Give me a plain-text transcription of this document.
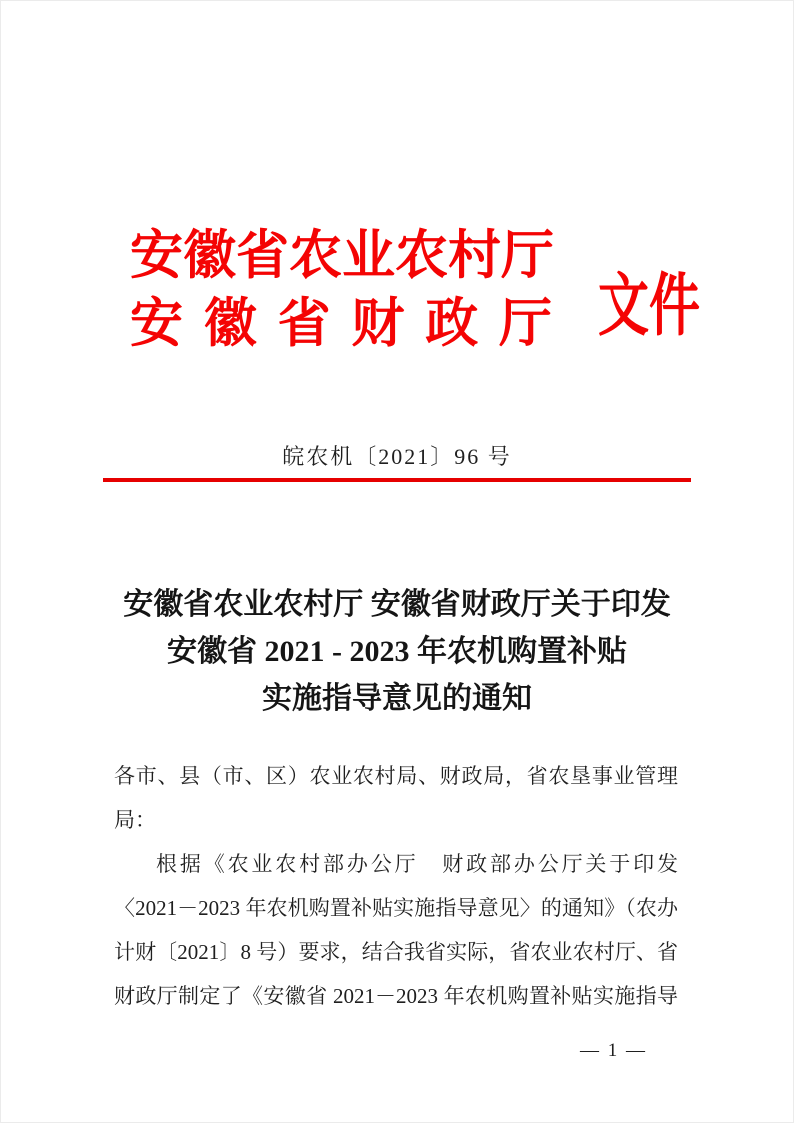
安 徽 省 农 业 农 村 厅
安 徽 省 财 政 厅 文件
皖农机〔2021〕96 号
安徽省农业农村厅 安徽省财政厅关于印发
安徽省 2021 - 2023 年农机购置补贴
实施指导意见的通知
各市、县（市、区）农业农村局、财政局，省农垦事业管理
局：
根据《农业农村部办公厅　财政部办公厅关于印发
〈2021－2023 年农机购置补贴实施指导意见〉的通知》（农办
计财〔2021〕8 号）要求，结合我省实际，省农业农村厅、省
财政厅制定了《安徽省 2021－2023 年农机购置补贴实施指导
— 1 —
